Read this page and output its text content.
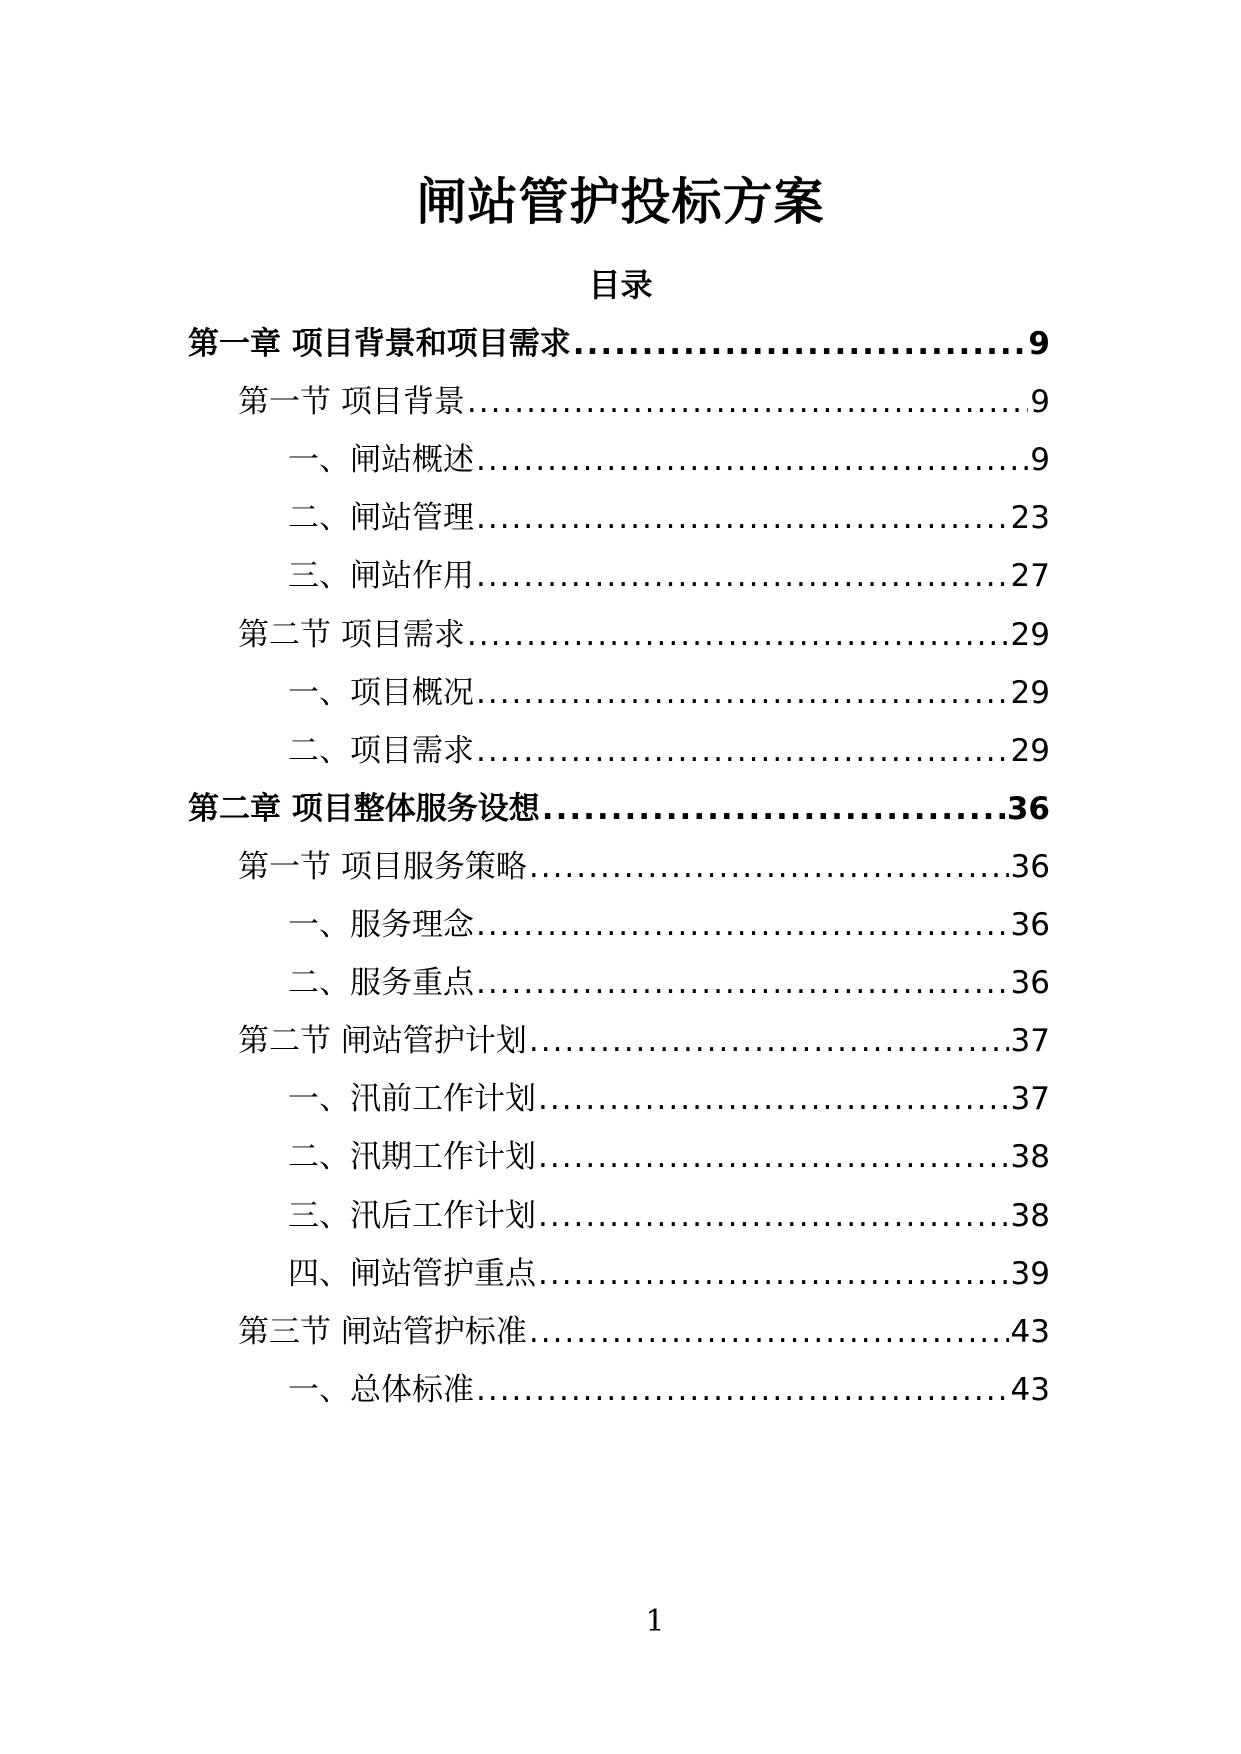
闸站管护投标方案
目录
第一章 项目背景和项目需求 .....	9
第一节 项目背景 .....	9
一、闸站概述 .....	9
二、闸站管理 .....	23
三、闸站作用 .....	27
第二节 项目需求 .....	29
一、项目概况 .....	29
二、项目需求 .....	29
第二章 项目整体服务设想 .....	36
第一节 项目服务策略 .....	36
一、服务理念 .....	36
二、服务重点 .....	36
第二节 闸站管护计划 .....	37
一、汛前工作计划 .....	37
二、汛期工作计划 .....	38
三、汛后工作计划 .....	38
四、闸站管护重点 .....	39
第三节 闸站管护标准 .....	43
一、总体标准 .....	43
1
